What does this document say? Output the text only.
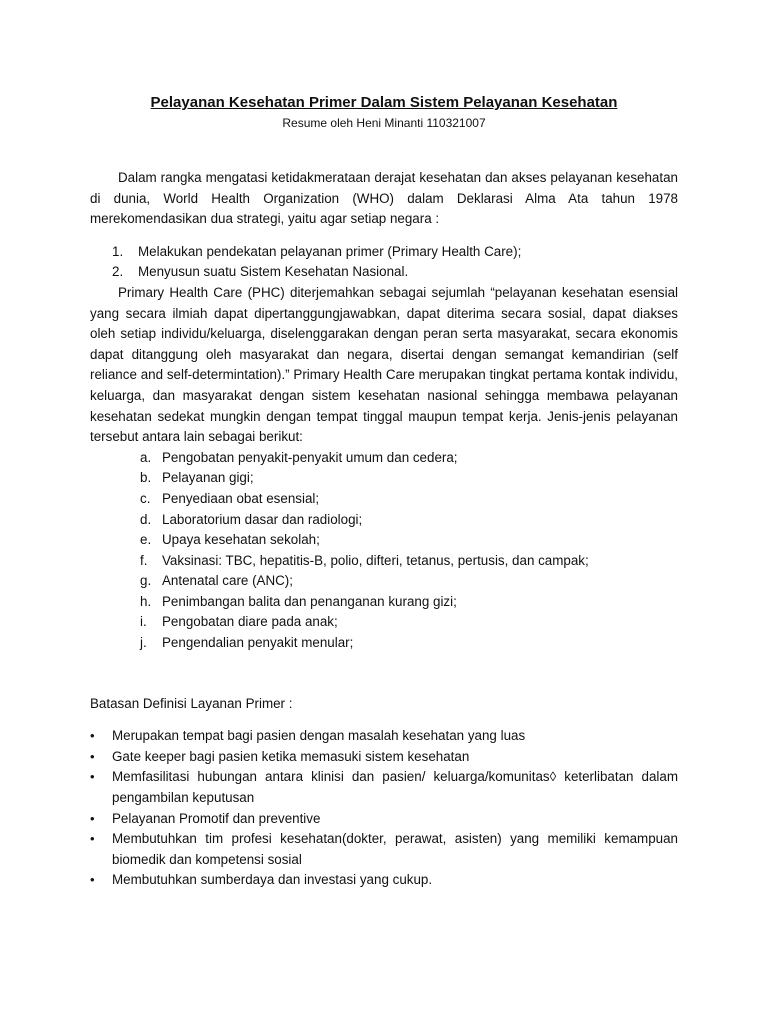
Pelayanan Kesehatan Primer Dalam Sistem Pelayanan Kesehatan

Resume oleh Heni Minanti 110321007

Dalam rangka mengatasi ketidakmerataan derajat kesehatan dan akses pelayanan kesehatan di dunia, World Health Organization (WHO) dalam Deklarasi Alma Ata tahun 1978 merekomendasikan dua strategi, yaitu agar setiap negara :

1.	Melakukan pendekatan pelayanan primer (Primary Health Care);
2.	Menyusun suatu Sistem Kesehatan Nasional.

Primary Health Care (PHC) diterjemahkan sebagai sejumlah “pelayanan kesehatan esensial yang secara ilmiah dapat dipertanggungjawabkan, dapat diterima secara sosial, dapat diakses oleh setiap individu/keluarga, diselenggarakan dengan peran serta masyarakat, secara ekonomis dapat ditanggung oleh masyarakat dan negara, disertai dengan semangat kemandirian (self reliance and self-determintation).” Primary Health Care merupakan tingkat pertama kontak individu, keluarga, dan masyarakat dengan sistem kesehatan nasional sehingga membawa pelayanan kesehatan sedekat mungkin dengan tempat tinggal maupun tempat kerja. Jenis-jenis pelayanan tersebut antara lain sebagai berikut:

a. Pengobatan penyakit-penyakit umum dan cedera;
b. Pelayanan gigi;
c. Penyediaan obat esensial;
d. Laboratorium dasar dan radiologi;
e. Upaya kesehatan sekolah;
f.	Vaksinasi: TBC, hepatitis-B, polio, difteri, tetanus, pertusis, dan campak;
g. Antenatal care (ANC);
h. Penimbangan balita dan penanganan kurang gizi;
i.	Pengobatan diare pada anak;
j.	Pengendalian penyakit menular;

Batasan Definisi Layanan Primer :

•	Merupakan tempat bagi pasien dengan masalah kesehatan yang luas
•	Gate keeper bagi pasien ketika memasuki sistem kesehatan
•	Memfasilitasi hubungan antara klinisi dan pasien/ keluarga/komunitas◊ keterlibatan dalam pengambilan keputusan
•	Pelayanan Promotif dan preventive
•	Membutuhkan tim profesi kesehatan(dokter, perawat, asisten) yang memiliki kemampuan biomedik dan kompetensi sosial
•	Membutuhkan sumberdaya dan investasi yang cukup.
